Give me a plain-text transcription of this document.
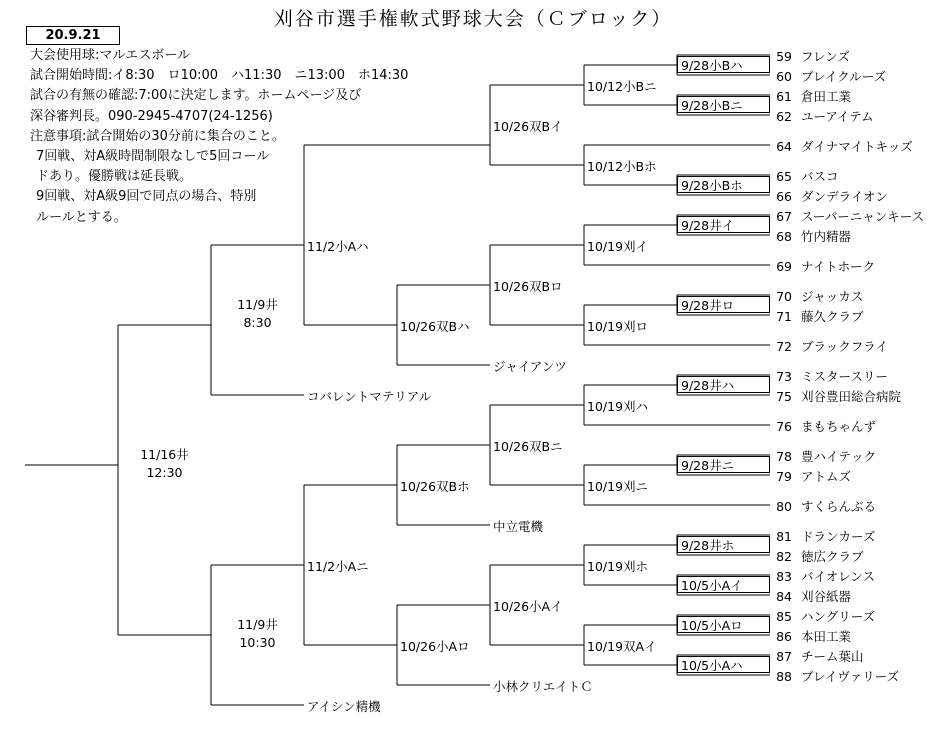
刈谷市選手権軟式野球大会（Ｃブロック）
20.9.21
大会使用球:マルエスボール
試合開始時間:イ8:30　ロ10:00　ハ11:30　ニ13:00　ホ14:30
試合の有無の確認:7:00に決定します。ホームページ及び
深谷審判長。090-2945-4707(24-1256)
注意事項:試合開始の30分前に集合のこと。
7回戦、対A級時間制限なしで5回コール
ドあり。優勝戦は延長戦。
9回戦、対A級9回で同点の場合、特別
ルールとする。
59 フレンズ
60 ブレイクルーズ
61 倉田工業
62 ユーアイテム
64 ダイナマイトキッズ
65 バスコ
66 ダンデライオン
67 スーパーニャンキース
68 竹内精器
69 ナイトホーク
70 ジャッカス
71 藤久クラブ
72 ブラックフライ
73 ミスタースリー
75 刈谷豊田総合病院
76 まもちゃんず
78 豊ハイテック
79 アトムズ
80 すくらんぶる
81 ドランカーズ
82 徳広クラブ
83 バイオレンス
84 刈谷紙器
85 ハングリーズ
86 本田工業
87 チーム葉山
88 ブレイヴァリーズ
9/28小Bハ
9/28小Bニ
9/28小Bホ
9/28井イ
9/28井ロ
9/28井ハ
9/28井ニ
9/28井ホ
10/5小Aイ
10/5小Aロ
10/5小Aハ
10/12小Bニ
10/12小Bホ
10/19刈イ
10/19刈ロ
10/19刈ハ
10/19刈ニ
10/19刈ホ
10/19双Aイ
10/26双Bイ
10/26双Bロ
10/26双Bニ
10/26小Aイ
ジャイアンツ
中立電機
小林クリエイトＣ
10/26双Bハ
10/26双Bホ
10/26小Aロ
11/2小Aハ
11/2小Aニ
コバレントマテリアル
アイシン精機
11/9井
8:30
11/9井
10:30
11/16井
12:30
